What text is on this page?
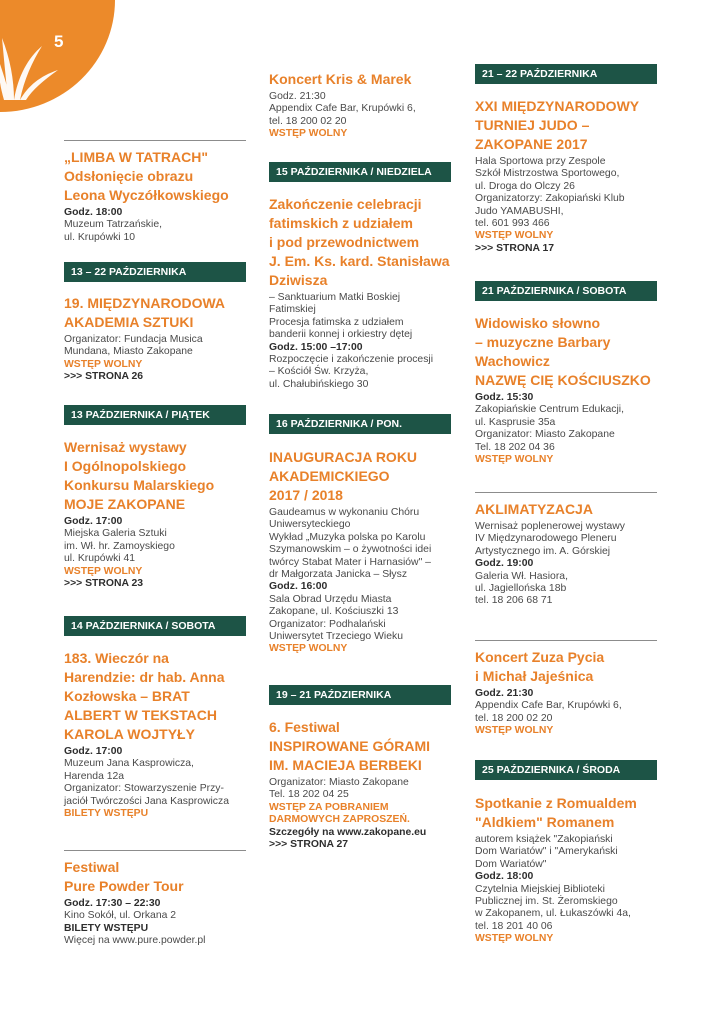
5
„LIMBA W TATRACH"
Odsłonięcie obrazu
Leona Wyczółkowskiego
Godz. 18:00
Muzeum Tatrzańskie,
ul. Krupówki 10
13 – 22 PAŹDZIERNIKA
19. MIĘDZYNARODOWA
AKADEMIA SZTUKI
Organizator: Fundacja Musica
Mundana, Miasto Zakopane
WSTĘP WOLNY
>>> STRONA 26
13 PAŹDZIERNIKA / PIĄTEK
Wernisaż wystawy
I Ogólnopolskiego
Konkursu Malarskiego
MOJE ZAKOPANE
Godz. 17:00
Miejska Galeria Sztuki
im. Wł. hr. Zamoyskiego
ul. Krupówki 41
WSTĘP WOLNY
>>> STRONA 23
14 PAŹDZIERNIKA / SOBOTA
183. Wieczór na
Harendzie: dr hab. Anna
Kozłowska – BRAT
ALBERT W TEKSTACH
KAROLA WOJTYŁY
Godz. 17:00
Muzeum Jana Kasprowicza,
Harenda 12a
Organizator: Stowarzyszenie Przy-
jaciół Twórczości Jana Kasprowicza
BILETY WSTĘPU
Festiwal
Pure Powder Tour
Godz. 17:30 – 22:30
Kino Sokół, ul. Orkana 2
BILETY WSTĘPU
Więcej na www.pure.powder.pl
Koncert Kris & Marek
Godz. 21:30
Appendix Cafe Bar, Krupówki 6,
tel. 18 200 02 20
WSTĘP WOLNY
15 PAŹDZIERNIKA / NIEDZIELA
Zakończenie celebracji
fatimskich z udziałem
i pod przewodnictwem
J. Em. Ks. kard. Stanisława
Dziwisza
– Sanktuarium Matki Boskiej
Fatimskiej
Procesja fatimska z udziałem
banderii konnej i orkiestry dętej
Godz. 15:00 –17:00
Rozpoczęcie i zakończenie procesji
– Kościół Św. Krzyża,
ul. Chałubińskiego 30
16 PAŹDZIERNIKA / PON.
INAUGURACJA ROKU
AKADEMICKIEGO
2017 / 2018
Gaudeamus w wykonaniu Chóru
Uniwersyteckiego
Wykład „Muzyka polska po Karolu
Szymanowskim – o żywotności idei
twórcy Stabat Mater i Harnasiów" –
dr Małgorzata Janicka – Słysz
Godz. 16:00
Sala Obrad Urzędu Miasta
Zakopane, ul. Kościuszki 13
Organizator: Podhalański
Uniwersytet Trzeciego Wieku
WSTĘP WOLNY
19 – 21 PAŹDZIERNIKA
6. Festiwal
INSPIROWANE GÓRAMI
IM. MACIEJA BERBEKI
Organizator: Miasto Zakopane
Tel. 18 202 04 25
WSTĘP ZA POBRANIEM
DARMOWYCH ZAPROSZEŃ.
Szczegóły na www.zakopane.eu
>>> STRONA 27
21 – 22 PAŹDZIERNIKA
XXI MIĘDZYNARODOWY
TURNIEJ JUDO –
ZAKOPANE 2017
Hala Sportowa przy Zespole
Szkół Mistrzostwa Sportowego,
ul. Droga do Olczy 26
Organizatorzy: Zakopiański Klub
Judo YAMABUSHI,
tel. 601 993 466
WSTĘP WOLNY
>>> STRONA 17
21 PAŹDZIERNIKA / SOBOTA
Widowisko słowno
– muzyczne Barbary
Wachowicz
NAZWĘ CIĘ KOŚCIUSZKO
Godz. 15:30
Zakopiańskie Centrum Edukacji,
ul. Kasprusie 35a
Organizator: Miasto Zakopane
Tel. 18 202 04 36
WSTĘP WOLNY
AKLIMATYZACJA
Wernisaż poplenerowej wystawy
IV Międzynarodowego Pleneru
Artystycznego im. A. Górskiej
Godz. 19:00
Galeria Wł. Hasiora,
ul. Jagiellońska 18b
tel. 18 206 68 71
Koncert Zuza Pycia
i Michał Jajeśnica
Godz. 21:30
Appendix Cafe Bar, Krupówki 6,
tel. 18 200 02 20
WSTĘP WOLNY
25 PAŹDZIERNIKA / ŚRODA
Spotkanie z Romualdem
"Aldkiem" Romanem
autorem książek "Zakopiański
Dom Wariatów" i "Amerykański
Dom Wariatów"
Godz. 18:00
Czytelnia Miejskiej Biblioteki
Publicznej im. St. Żeromskiego
w Zakopanem, ul. Łukaszówki 4a,
tel. 18 201 40 06
WSTĘP WOLNY
